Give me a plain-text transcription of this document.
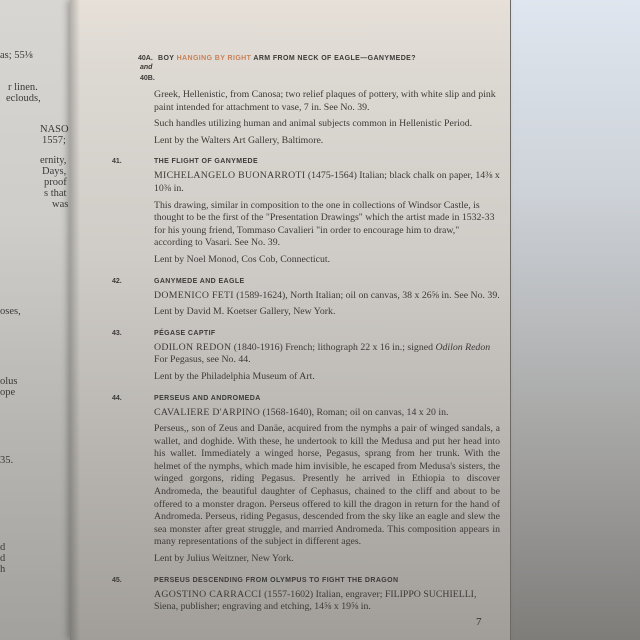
as; 55⅛
r linen.
eclouds,
NASO
1557;
ernity,
Days,
proof
s that
was
oses,
olus
ope
35.
d
d
h
40A. BOY HANGING BY RIGHT ARM FROM NECK OF EAGLE—GANYMEDE?
and
40B.

Greek, Hellenistic, from Canosa; two relief plaques of pottery, with white slip and pink paint intended for attachment to vase, 7 in. See No. 39.

Such handles utilizing human and animal subjects common in Hellenistic Period.

Lent by the Walters Art Gallery, Baltimore.

41.	THE FLIGHT OF GANYMEDE

MICHELANGELO BUONARROTI (1475-1564) Italian; black chalk on paper, 14⅜ x 10⅜ in.

This drawing, similar in composition to the one in collections of Windsor Castle, is thought to be the first of the "Presentation Drawings" which the artist made in 1532-33 for his young friend, Tommaso Cavalieri "in order to encourage him to draw," according to Vasari. See No. 39.

Lent by Noel Monod, Cos Cob, Connecticut.

42.	GANYMEDE AND EAGLE

DOMENICO FETI (1589-1624), North Italian; oil on canvas, 38 x 26⅝ in. See No. 39.

Lent by David M. Koetser Gallery, New York.

43.	PÉGASE CAPTIF

ODILON REDON (1840-1916) French; lithograph 22 x 16 in.; signed Odilon Redon For Pegasus, see No. 44.

Lent by the Philadelphia Museum of Art.

44.	PERSEUS AND ANDROMEDA

CAVALIERE D'ARPINO (1568-1640), Roman; oil on canvas, 14 x 20 in.

Perseus,, son of Zeus and Danäe, acquired from the nymphs a pair of winged sandals, a wallet, and doghide. With these, he undertook to kill the Medusa and put her head into his wallet. Immediately a winged horse, Pegasus, sprang from her trunk. With the helmet of the nymphs, which made him invisible, he escaped from Medusa's sisters, the winged gorgons, riding Pegasus. Presently he arrived in Ethiopia to discover Andromeda, the beautiful daughter of Cephasus, chained to the cliff and about to be offered to a monster dragon. Perseus offered to kill the dragon in return for the hand of Andromeda. Perseus, riding Pegasus, descended from the sky like an eagle and slew the sea monster after great struggle, and married Andromeda. This composition appears in many representations of the subject in different ages.

Lent by Julius Weitzner, New York.

45.	PERSEUS DESCENDING FROM OLYMPUS TO FIGHT THE DRAGON

AGOSTINO CARRACCI (1557-1602) Italian, engraver; FILIPPO SUCHIELLI, Siena, publisher; engraving and etching, 14⅝ x 19⅝ in.

7
